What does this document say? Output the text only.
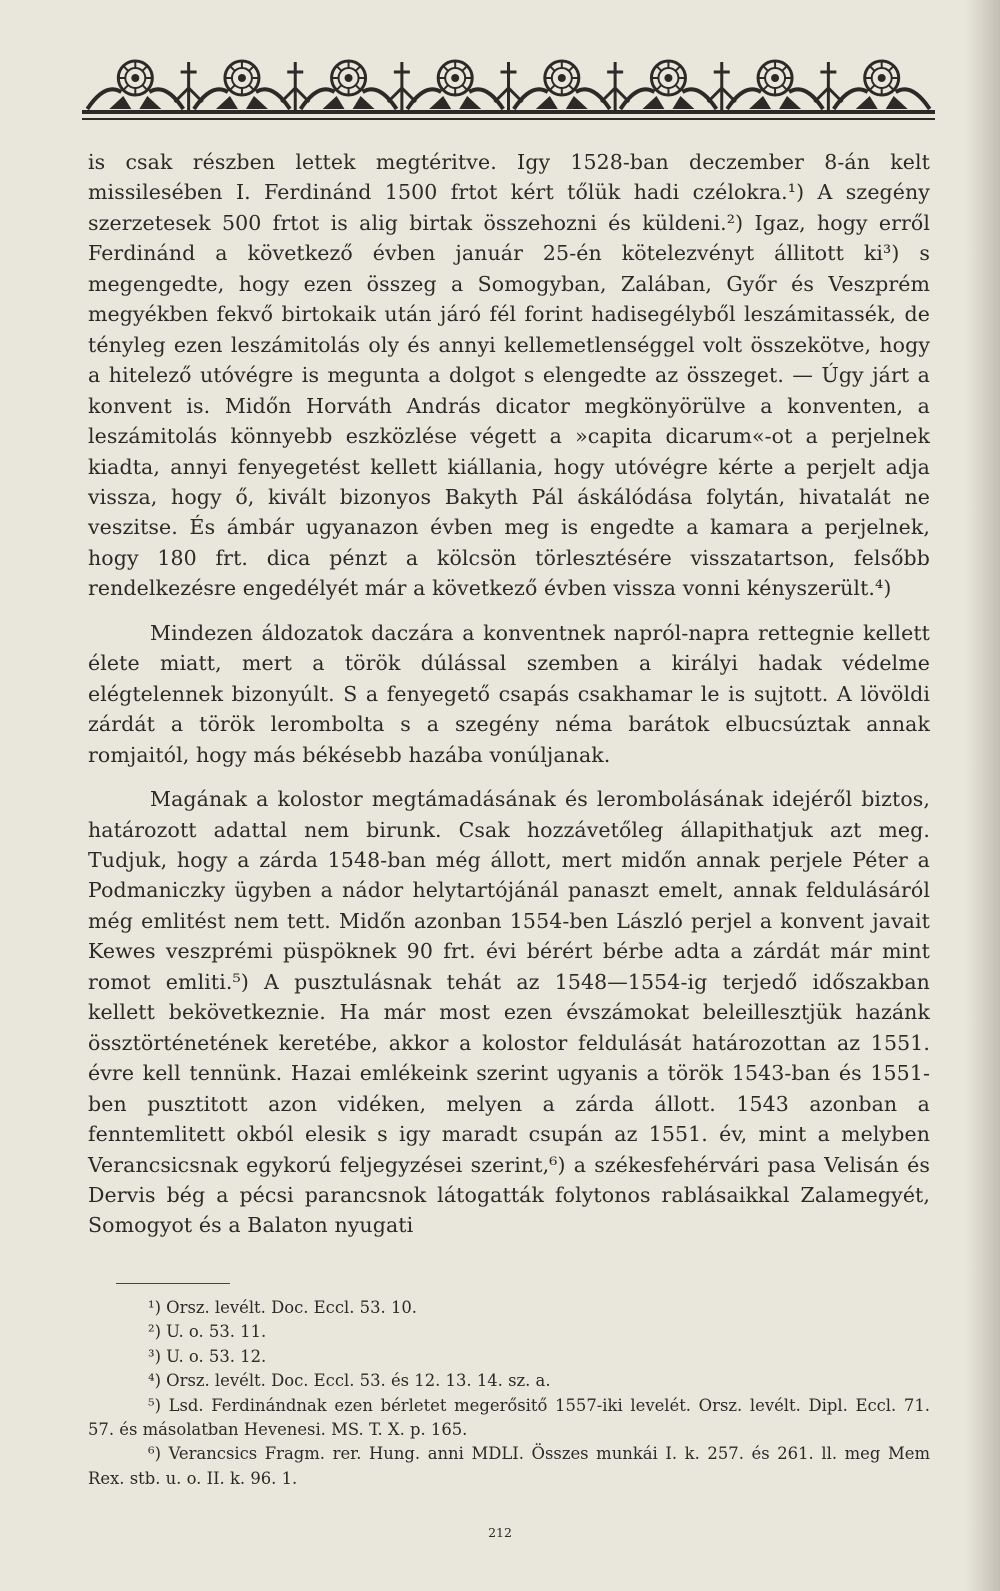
is csak részben lettek megtéritve. Igy 1528-ban deczember 8-án kelt missilesében I. Ferdinánd 1500 frtot kért tőlük hadi czélokra.¹) A szegény szerzetesek 500 frtot is alig birtak összehozni és küldeni.²) Igaz, hogy erről Ferdinánd a következő évben január 25-én kötelezvényt állitott ki³) s megengedte, hogy ezen összeg a Somogyban, Zalában, Győr és Veszprém megyékben fekvő birtokaik után járó fél forint hadisegélyből leszámitassék, de tényleg ezen leszámitolás oly és annyi kellemetlenséggel volt összekötve, hogy a hitelező utóvégre is megunta a dolgot s elengedte az összeget. — Úgy járt a konvent is. Midőn Horváth András dicator megkönyörülve a konventen, a leszámitolás könnyebb eszközlése végett a »capita dicarum«-ot a perjelnek kiadta, annyi fenyegetést kellett kiállania, hogy utóvégre kérte a perjelt adja vissza, hogy ő, kivált bizonyos Bakyth Pál áskálódása folytán, hivatalát ne veszitse. És ámbár ugyanazon évben meg is engedte a kamara a perjelnek, hogy 180 frt. dica pénzt a kölcsön törlesztésére visszatartson, felsőbb rendelkezésre engedélyét már a következő évben vissza vonni kényszerült.⁴)

Mindezen áldozatok daczára a konventnek napról-napra rettegnie kellett élete miatt, mert a török dúlással szemben a királyi hadak védelme elégtelennek bizonyúlt. S a fenyegető csapás csakhamar le is sujtott. A lövöldi zárdát a török lerombolta s a szegény néma barátok elbucsúztak annak romjaitól, hogy más békésebb hazába vonúljanak.

Magának a kolostor megtámadásának és lerombolásának idejéről biztos, határozott adattal nem birunk. Csak hozzávetőleg állapithatjuk azt meg. Tudjuk, hogy a zárda 1548-ban még állott, mert midőn annak perjele Péter a Podmaniczky ügyben a nádor helytartójánál panaszt emelt, annak feldulásáról még emlitést nem tett. Midőn azonban 1554-ben László perjel a konvent javait Kewes veszprémi püspöknek 90 frt. évi bérért bérbe adta a zárdát már mint romot emliti.⁵) A pusztulásnak tehát az 1548—1554-ig terjedő időszakban kellett bekövetkeznie. Ha már most ezen évszámokat beleillesztjük hazánk össztörténetének keretébe, akkor a kolostor feldulását határozottan az 1551. évre kell tennünk. Hazai emlékeink szerint ugyanis a török 1543-ban és 1551-ben pusztitott azon vidéken, melyen a zárda állott. 1543 azonban a fenntemlitett okból elesik s igy maradt csupán az 1551. év, mint a melyben Verancsicsnak egykorú feljegyzései szerint,⁶) a székesfehérvári pasa Velisán és Dervis bég a pécsi parancsnok látogatták folytonos rablásaikkal Zalamegyét, Somogyot és a Balaton nyugati

¹) Orsz. levélt. Doc. Eccl. 53. 10.

²) U. o. 53. 11.

³) U. o. 53. 12.

⁴) Orsz. levélt. Doc. Eccl. 53. és 12. 13. 14. sz. a.

⁵) Lsd. Ferdinándnak ezen bérletet megerősitő 1557-iki levelét. Orsz. levélt. Dipl. Eccl. 71. 57. és másolatban Hevenesi. MS. T. X. p. 165.

⁶) Verancsics Fragm. rer. Hung. anni MDLI. Összes munkái I. k. 257. és 261. ll. meg Mem Rex. stb. u. o. II. k. 96. 1.

212
